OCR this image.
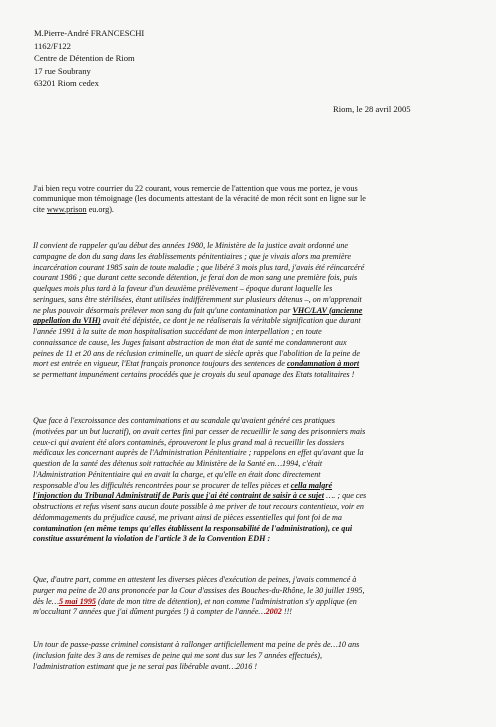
M.Pierre-André FRANCESCHI
1162/F122
Centre de Détention de Riom
17 rue Soubrany
63201 Riom cedex
Riom, le 28 avril 2005
J'ai bien reçu votre courrier du 22 courant, vous remercie de l'attention que vous me portez, je vous
communique mon témoignage (les documents attestant de la véracité de mon récit sont en ligne sur le
cite www.prison eu.org).
Il convient de rappeler qu'au début des années 1980, le Ministère de la justice avait ordonné une
campagne de don du sang dans les établissements pénitentiaires ; que je vivais alors ma première
incarcération courant 1985 sain de toute maladie ; que libéré 3 mois plus tard, j'avais été réincarcéré
courant 1986 ; que durant cette seconde détention, je ferai don de mon sang une première fois, puis
quelques mois plus tard à la faveur d'un deuxième prélèvement – époque durant laquelle les
seringues, sans être stérilisées, étant utilisées indifféremment sur plusieurs détenus –, on m'apprenait
ne plus pouvoir désormais prélever mon sang du fait qu'une contamination par VHC/LAV (ancienne
appellation du VIH) avait été dépistée, ce dont je ne réaliserais la véritable signification que durant
l'année 1991 à la suite de mon hospitalisation succédant de mon interpellation ; en toute
connaissance de cause, les Juges faisant abstraction de mon état de santé me condamneront aux
peines de 11 et 20 ans de réclusion criminelle, un quart de siècle après que l'abolition de la peine de
mort est entrée en vigueur, l'Etat français prononce toujours des sentences de condamnation à mort
se permettant impunément certains procédés que je croyais du seul apanage des Etats totalitaires !
Que face à l'excroissance des contaminations et au scandale qu'avaient généré ces pratiques
(motivées par un but lucratif), on avait certes fini par cesser de recueillir le sang des prisonniers mais
ceux-ci qui avaient été alors contaminés, éprouveront le plus grand mal à recueillir les dossiers
médicaux les concernant auprès de l'Administration Pénitentiaire ; rappelons en effet qu'avant que la
question de la santé des détenus soit rattachée au Ministère de la Santé en…1994, c'était
l'Administration Pénitentiaire qui en avait la charge, et qu'elle en était donc directement
responsable d'ou les difficultés rencontrées pour se procurer de telles pièces et cella malgré
l'injonction du Tribunal Administratif de Paris que j'ai été contraint de saisir à ce sujet …. ; que ces
obstructions et refus visent sans aucun doute possible à me priver de tout recours contentieux, voir en
dédommagements du préjudice causé, me privant ainsi de pièces essentielles qui font foi de ma
contamination (en même temps qu'elles établissent la responsabilité de l'administration), ce qui
constitue assurément la violation de l'article 3 de la Convention EDH :
Que, d'autre part, comme en attestent les diverses pièces d'exécution de peines, j'avais commencé à
purger ma peine de 20 ans prononcée par la Cour d'assises des Bouches-du-Rhône, le 30 juillet 1995,
dès le…5 mai 1995 (date de mon titre de détention), et non comme l'administration s'y applique (en
m'occultant 7 années que j'ai dûment purgées !) à compter de l'année…2002 !!!
Un tour de passe-passe criminel consistant à rallonger artificiellement ma peine de près de…10 ans
(inclusion faite des 3 ans de remises de peine qui me sont dus sur les 7 années effectués),
l'administration estimant que je ne serai pas libérable avant…2016 !
